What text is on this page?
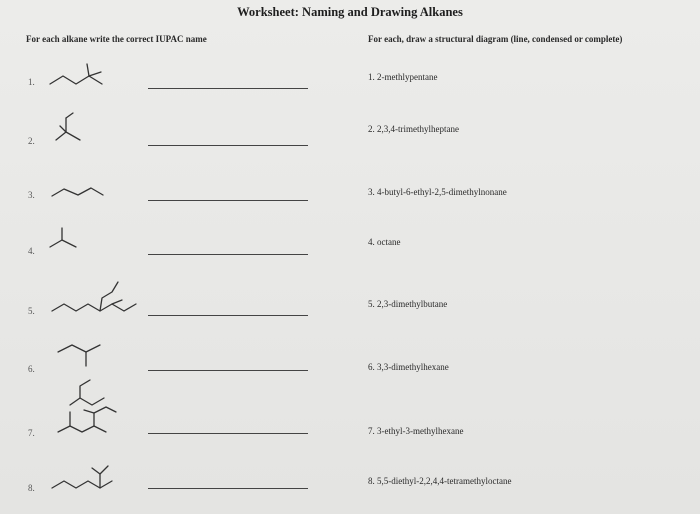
Worksheet: Naming and Drawing Alkanes
For each alkane write the correct IUPAC name	For each, draw a structural diagram (line, condensed or complete)
1.
2.
3.
4.
5.
6.
7.
8.
1. 2-methlypentane
2. 2,3,4-trimethylheptane
3. 4-butyl-6-ethyl-2,5-dimethylnonane
4. octane
5. 2,3-dimethylbutane
6. 3,3-dimethylhexane
7. 3-ethyl-3-methylhexane
8. 5,5-diethyl-2,2,4,4-tetramethyloctane
